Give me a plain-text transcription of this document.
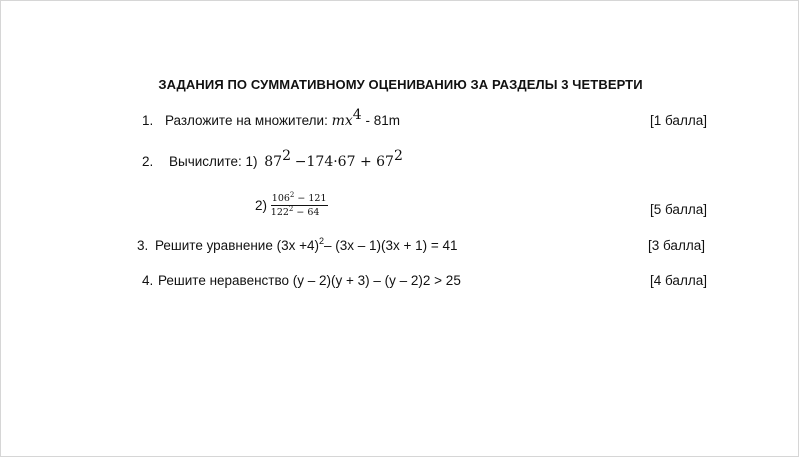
ЗАДАНИЯ ПО СУММАТИВНОМУ ОЦЕНИВАНИЮ ЗА РАЗДЕЛЫ 3 ЧЕТВЕРТИ
1. Разложите на множители: $mx^4 - 81m$	[1 балла]
2. Вычислите: 1) $87^2 -174\cdot 67 + 67^2$
$2) \frac{106^2 - 121}{122^2 - 64}$	[5 балла]
3. Решите уравнение $(3x +4)^2-$ (3x – 1)(3x + 1) = 41	[3 балла]
4. Решите неравенство (y – 2)(y + 3) – (y – 2)2 > 25	[4 балла]
